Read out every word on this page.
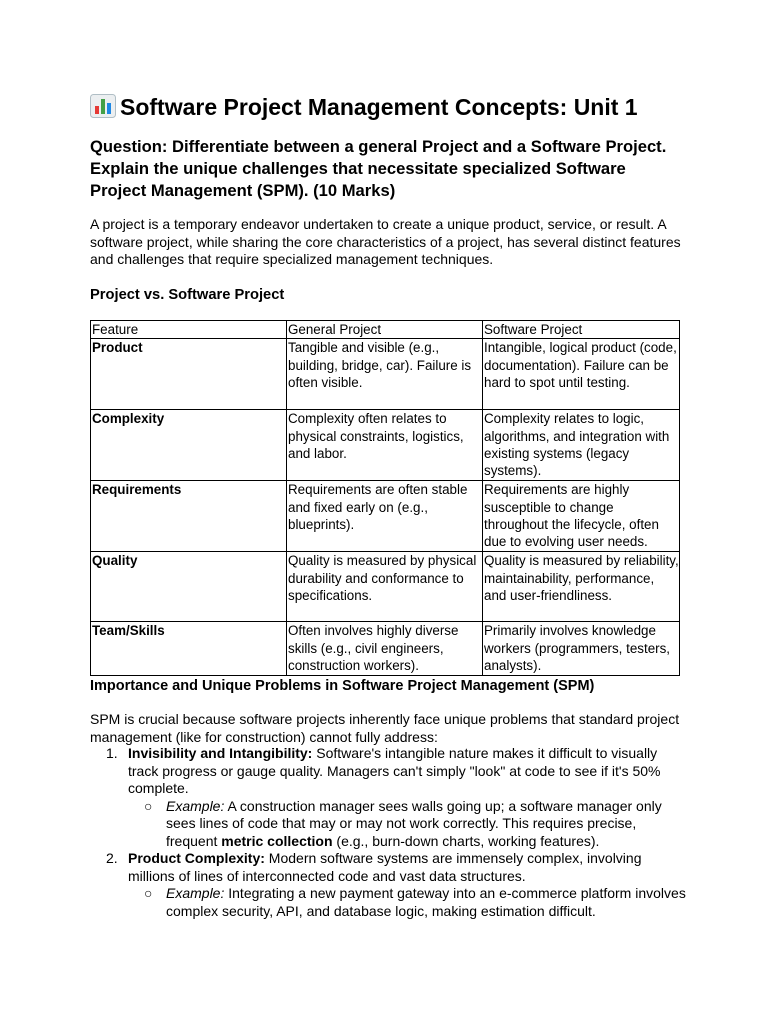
Software Project Management Concepts: Unit 1

Question: Differentiate between a general Project and a Software Project. Explain the unique challenges that necessitate specialized Software Project Management (SPM). (10 Marks)

A project is a temporary endeavor undertaken to create a unique product, service, or result. A software project, while sharing the core characteristics of a project, has several distinct features and challenges that require specialized management techniques.

Project vs. Software Project
Feature	General Project	Software Project
Product	Tangible and visible (e.g., building, bridge, car). Failure is often visible.	Intangible, logical product (code, documentation). Failure can be hard to spot until testing.
Complexity	Complexity often relates to physical constraints, logistics, and labor.	Complexity relates to logic, algorithms, and integration with existing systems (legacy systems).
Requirements	Requirements are often stable and fixed early on (e.g., blueprints).	Requirements are highly susceptible to change throughout the lifecycle, often due to evolving user needs.
Quality	Quality is measured by physical durability and conformance to specifications.	Quality is measured by reliability, maintainability, performance, and user-friendliness.
Team/Skills	Often involves highly diverse skills (e.g., civil engineers, construction workers).	Primarily involves knowledge workers (programmers, testers, analysts).
Importance and Unique Problems in Software Project Management (SPM)

SPM is crucial because software projects inherently face unique problems that standard project management (like for construction) cannot fully address:

1. Invisibility and Intangibility: Software's intangible nature makes it difficult to visually track progress or gauge quality. Managers can't simply "look" at code to see if it's 50% complete.
○ Example: A construction manager sees walls going up; a software manager only sees lines of code that may or may not work correctly. This requires precise, frequent metric collection (e.g., burn-down charts, working features).
2. Product Complexity: Modern software systems are immensely complex, involving millions of lines of interconnected code and vast data structures.
○ Example: Integrating a new payment gateway into an e-commerce platform involves complex security, API, and database logic, making estimation difficult.
